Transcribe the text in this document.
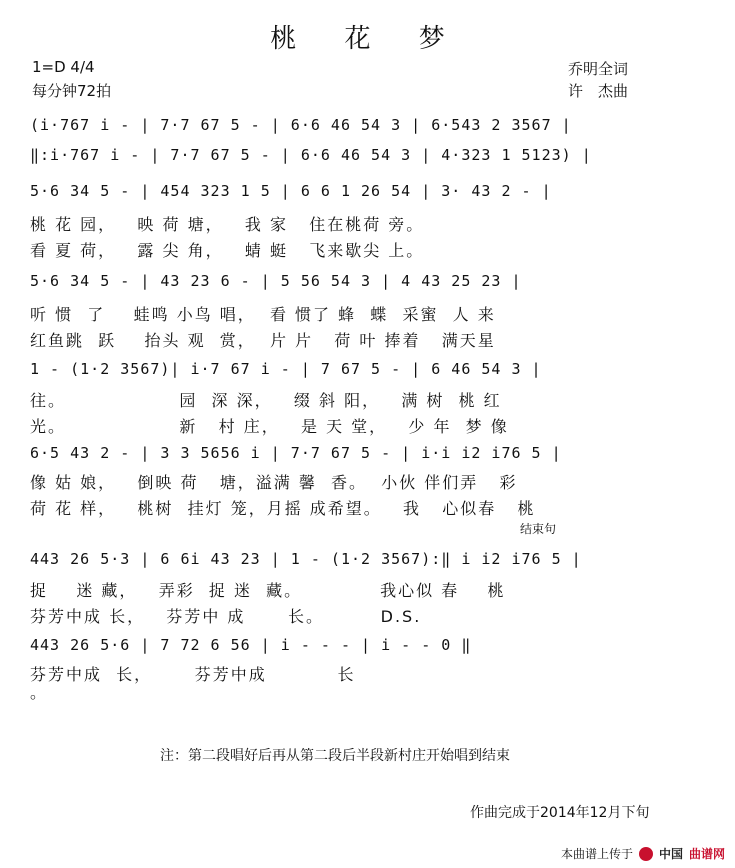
桃 花 梦
1=D 4/4
每分钟72拍
乔明全词
许　杰曲
(i·767 i - | 7·7 67 5 - | 6·6 46 54 3 | 6·543 2 3567 |
‖:i·767 i - | 7·7 67 5 - | 6·6 46 54 3 | 4·323 1 5123) |
5·6 34 5 - | 454 323 1 5 | 6 6 1 26 54 | 3· 43 2 - |
桃 花 园，   映 荷 塘，   我 家   住在桃荷 旁。
看 夏 荷，   露 尖 角，   蜻 蜓   飞来歇尖 上。
5·6 34 5 - | 43 23 6 - | 5 56 54 3 | 4 43 25 23 |
听 惯  了    蛙鸣 小鸟 唱，  看 惯了 蜂  蝶  采蜜  人 来
红鱼跳  跃    抬头 观  赏，  片 片   荷 叶 捧着   满天星
1 - (1·2 3567)| i·7 67 i - | 7 67 5 - | 6 46 54 3 |
往。                园  深 深，   缀 斜 阳，   满 树  桃 红
光。                新   村 庄，   是 天 堂，   少 年  梦 像
6·5 43 2 - | 3 3 5656 i | 7·7 67 5 - | i·i i2 i76 5 |
像 姑 娘，   倒映 荷   塘，溢满 馨  香。  小伙 伴们弄   彩
荷 花 样，   桃树  挂灯 笼，月摇 成希望。   我   心似春   桃
结束句
443 26 5·3 | 6 6i 43 23 | 1 - (1·2 3567):‖ i i2 i76 5 |
捉    迷 藏，   弄彩  捉 迷  藏。           我心似 春    桃
芬芳中成 长，   芬芳中 成      长。        D.S.
443 26 5·6 | 7 72 6 56 | i - - - | i - - 0 ‖
芬芳中成  长，      芬芳中成          长
。
注：第二段唱好后再从第二段后半段新村庄开始唱到结束
作曲完成于2014年12月下旬
本曲谱上传于 中国 曲谱网
